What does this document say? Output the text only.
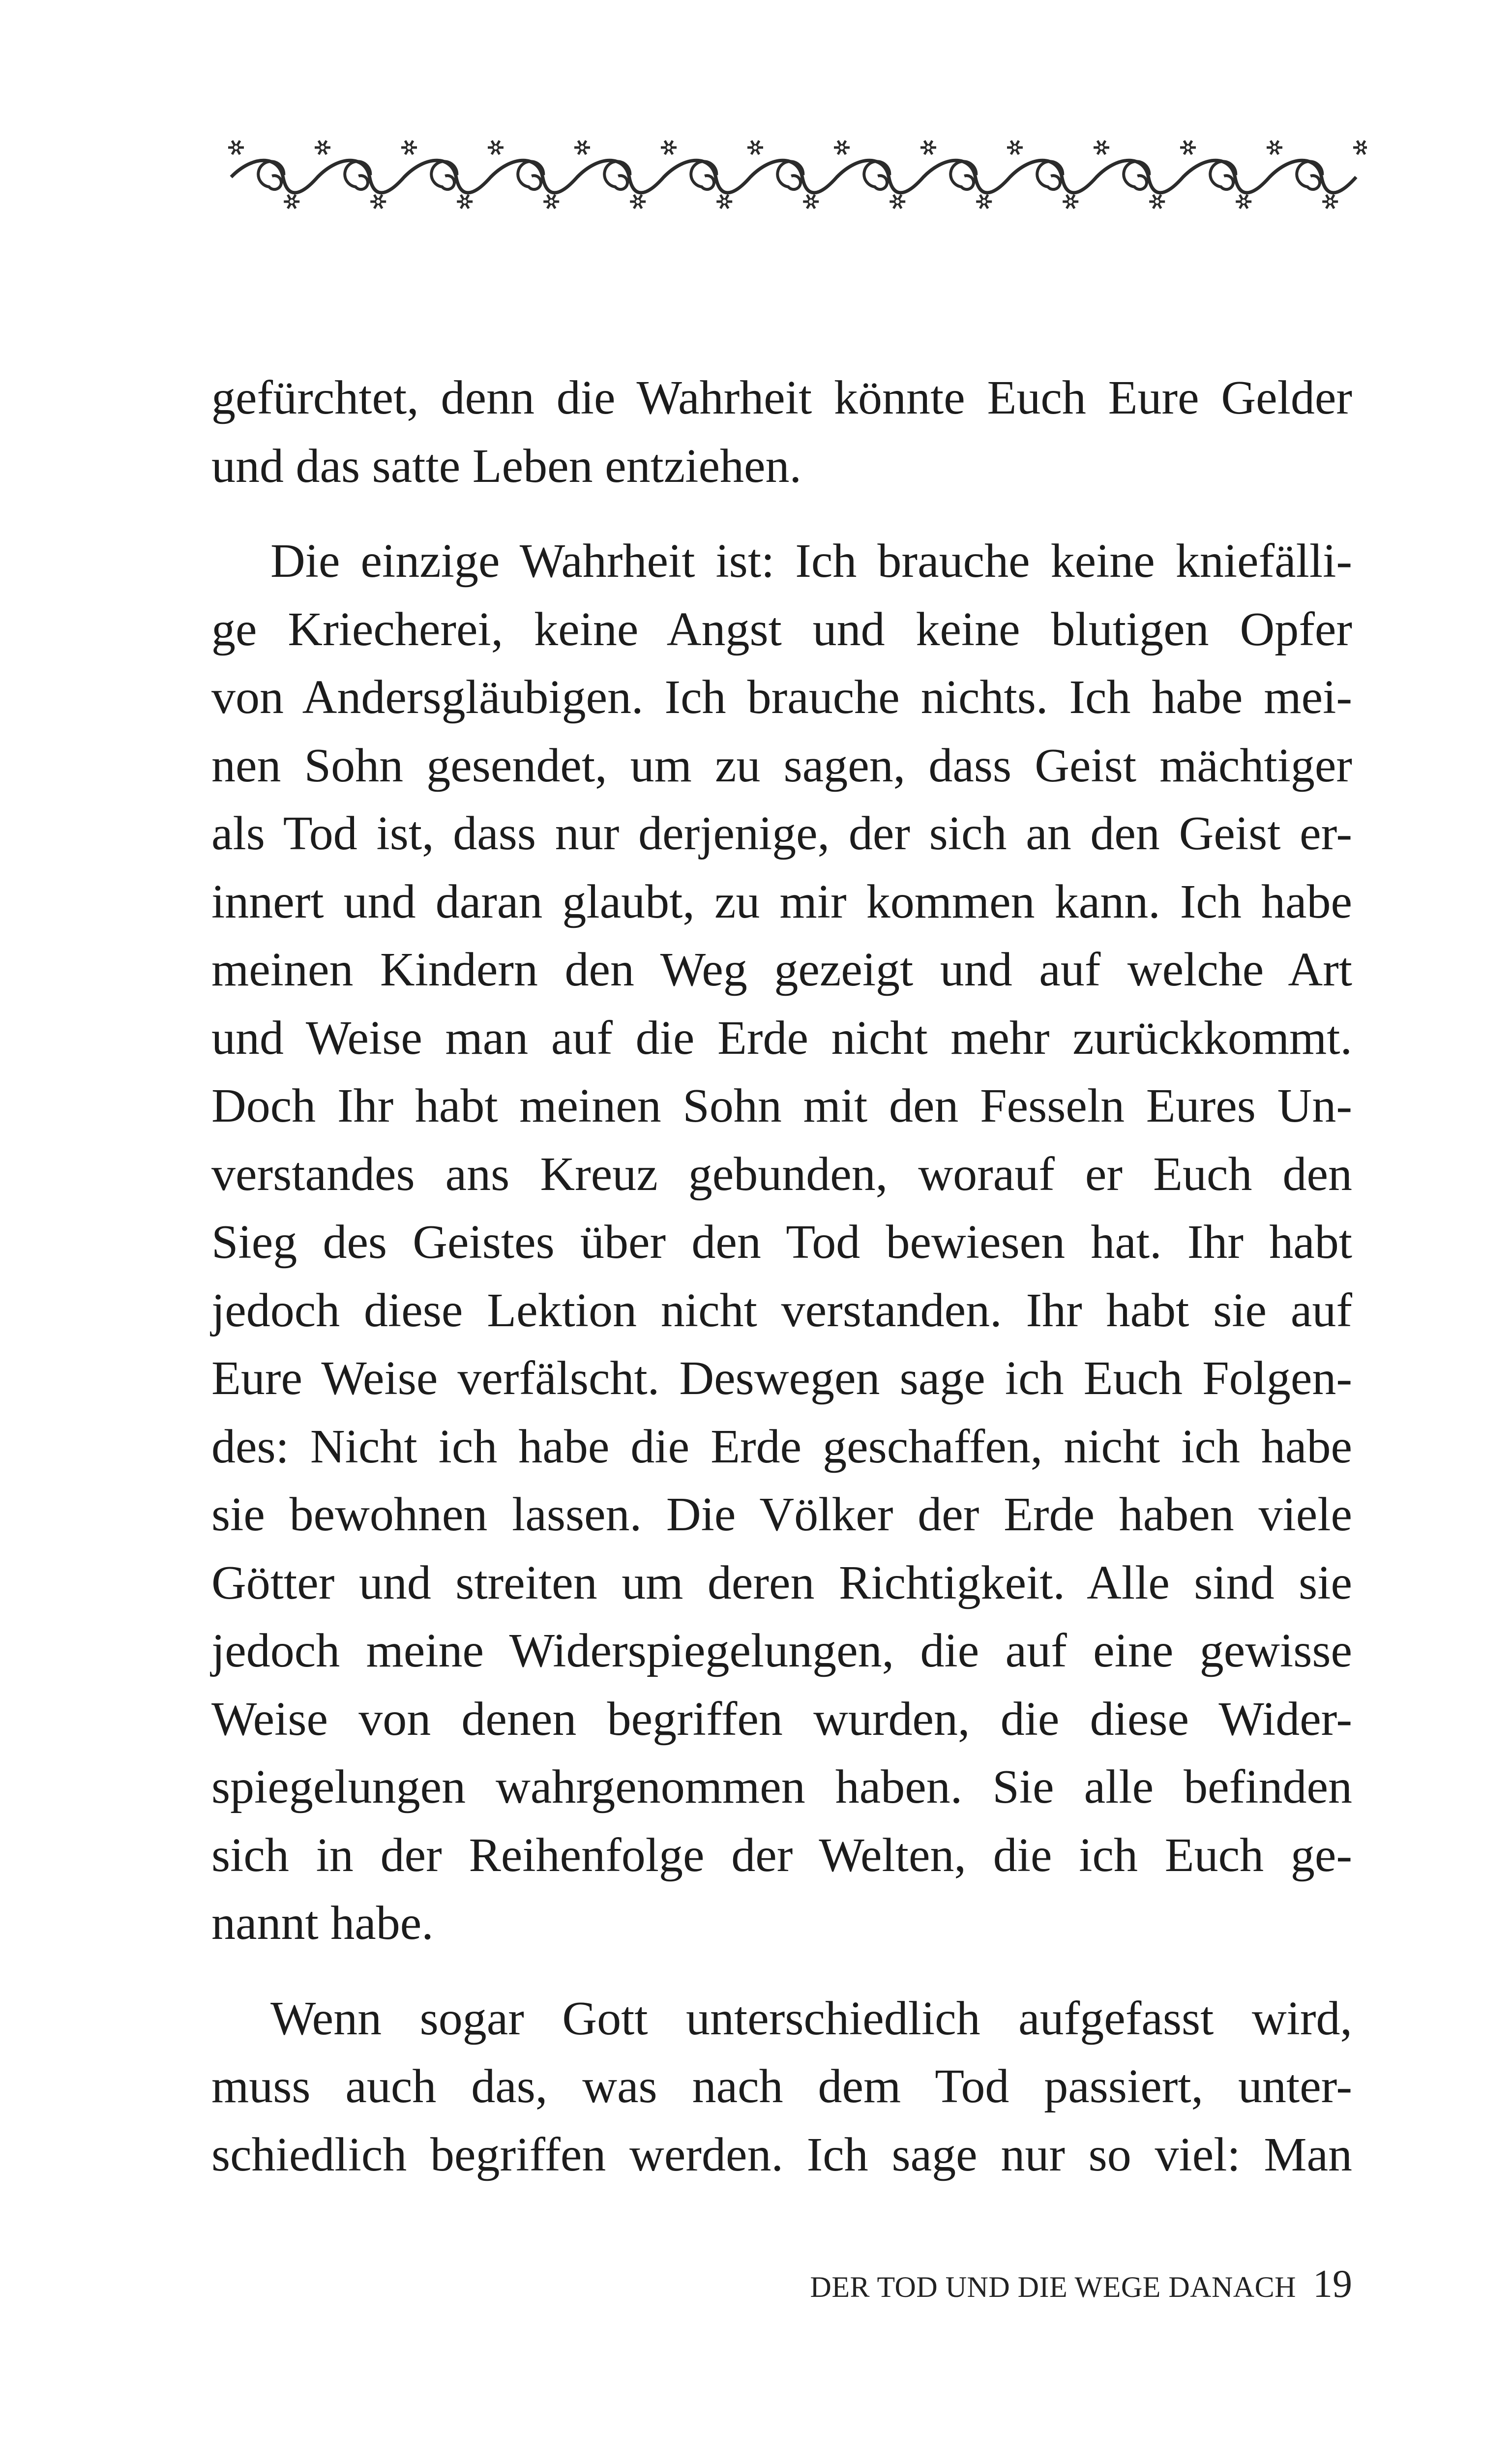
gefürchtet, denn die Wahrheit könnte Euch Eure Gelder
und das satte Leben entziehen.
Die einzige Wahrheit ist: Ich brauche keine kniefälli-
ge Kriecherei, keine Angst und keine blutigen Opfer
von Andersgläubigen. Ich brauche nichts. Ich habe mei-
nen Sohn gesendet, um zu sagen, dass Geist mächtiger
als Tod ist, dass nur derjenige, der sich an den Geist er-
innert und daran glaubt, zu mir kommen kann. Ich habe
meinen Kindern den Weg gezeigt und auf welche Art
und Weise man auf die Erde nicht mehr zurückkommt.
Doch Ihr habt meinen Sohn mit den Fesseln Eures Un-
verstandes ans Kreuz gebunden, worauf er Euch den
Sieg des Geistes über den Tod bewiesen hat. Ihr habt
jedoch diese Lektion nicht verstanden. Ihr habt sie auf
Eure Weise verfälscht. Deswegen sage ich Euch Folgen-
des: Nicht ich habe die Erde geschaffen, nicht ich habe
sie bewohnen lassen. Die Völker der Erde haben viele
Götter und streiten um deren Richtigkeit. Alle sind sie
jedoch meine Widerspiegelungen, die auf eine gewisse
Weise von denen begriffen wurden, die diese Wider-
spiegelungen wahrgenommen haben. Sie alle befinden
sich in der Reihenfolge der Welten, die ich Euch ge-
nannt habe.
Wenn sogar Gott unterschiedlich aufgefasst wird,
muss auch das, was nach dem Tod passiert, unter-
schiedlich begriffen werden. Ich sage nur so viel: Man
DER TOD UND DIE WEGE DANACH 19
